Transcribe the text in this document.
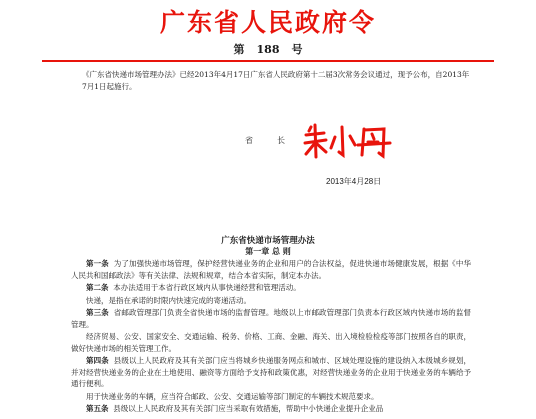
广东省人民政府令
第 188 号
《广东省快递市场管理办法》已经2013年4月17日广东省人民政府第十二届3次常务会议通过，现予公布，自2013年7月1日起施行。
省长
2013年4月28日
广东省快递市场管理办法
第一章 总 则

第一条 为了加强快递市场管理，保护经营快递业务的企业和用户的合法权益，促进快递市场健康发展，根据《中华人民共和国邮政法》等有关法律、法规和规章，结合本省实际，制定本办法。

第二条 本办法适用于本省行政区域内从事快递经营和管理活动。

快递，是指在承诺的时限内快速完成的寄递活动。

第三条 省邮政管理部门负责全省快递市场的监督管理。地级以上市邮政管理部门负责本行政区域内快递市场的监督管理。

经济贸易、公安、国家安全、交通运输、税务、价格、工商、金融、海关、出入境检验检疫等部门按照各自的职责，做好快递市场的相关管理工作。

第四条 县级以上人民政府及其有关部门应当将城乡快递服务网点和城市、区域处理设施的建设纳入本级城乡规划，并对经营快递业务的企业在土地使用、融资等方面给予支持和政策优惠，对经营快递业务的企业用于快递业务的车辆给予通行便利。

用于快递业务的车辆，应当符合邮政、公安、交通运输等部门制定的车辆技术规范要求。

第五条 县级以上人民政府及其有关部门应当采取有效措施，帮助中小快递企业提升企业品
